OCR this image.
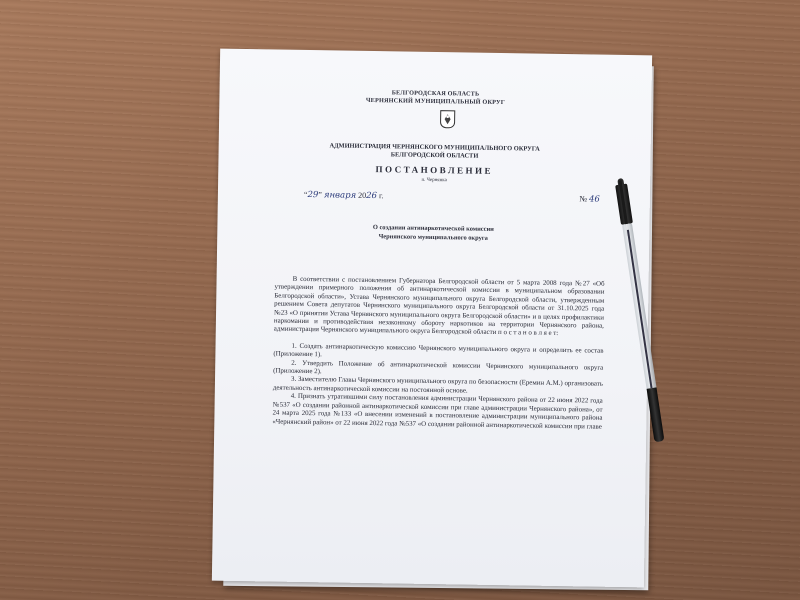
БЕЛГОРОДСКАЯ ОБЛАСТЬ
ЧЕРНЯНСКИЙ МУНИЦИПАЛЬНЫЙ ОКРУГ
АДМИНИСТРАЦИЯ ЧЕРНЯНСКОГО МУНИЦИПАЛЬНОГО ОКРУГА
БЕЛГОРОДСКОЙ ОБЛАСТИ
ПОСТАНОВЛЕНИЕ
п. Чернянка
“29” января 2026 г.	№ 46
О создании антинаркотической комиссии
Чернянского муниципального округа

В соответствии с постановлением Губернатора Белгородской области от 5 марта 2008 года №27 «Об утверждении примерного положения об антинаркотической комиссии в муниципальном образовании Белгородской области», Устава Чернянского муниципального округа Белгородской области, утвержденным решением Совета депутатов Чернянского муниципального округа Белгородской области от 31.10.2025 года №23 «О принятии Устава Чернянского муниципального округа Белгородской области» и в целях профилактики наркомании и противодействия незаконному обороту наркотиков на территории Чернянского района, администрация Чернянского муниципального округа Белгородской области п о с т а н о в л я е т:

1. Создать антинаркотическую комиссию Чернянского муниципального округа и определить ее состав (Приложение 1).

2. Утвердить Положение об антинаркотической комиссии Чернянского муниципального округа (Приложение 2).

3. Заместителю Главы Чернянского муниципального округа по безопасности (Еремин А.М.) организовать деятельность антинаркотической комиссии на постоянной основе.

4. Признать утратившими силу постановления администрации Чернянского района от 22 июня 2022 года №537 «О создании районной антинаркотической комиссии при главе администрации Чернянского района», от 24 марта 2025 года №133 «О внесении изменений в постановление администрации муниципального района «Чернянский район» от 22 июня 2022 года №537 «О создании районной антинаркотической комиссии при главе
